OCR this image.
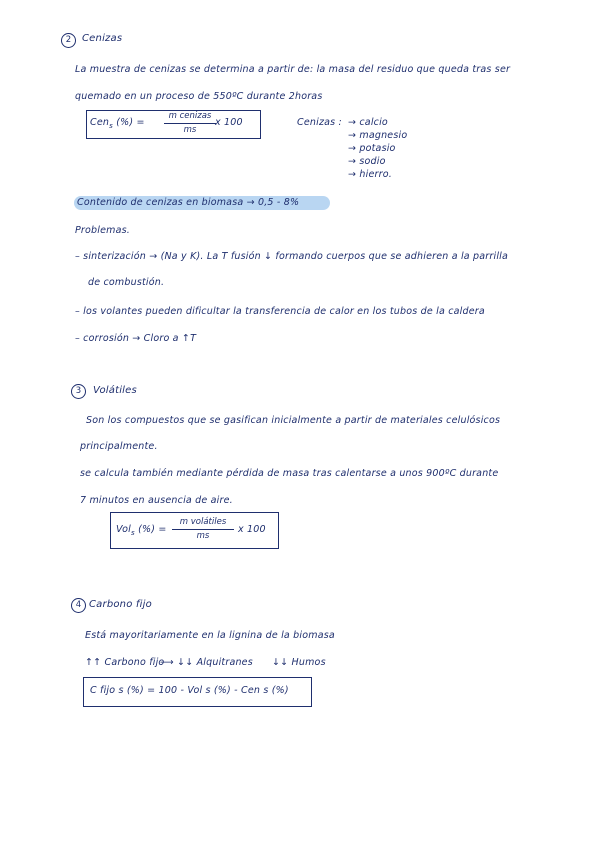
2	Cenizas
La muestra de cenizas se determina a partir de: la masa del residuo que queda tras ser
quemado en un proceso de 550ºC durante 2horas
Cen$_s$ (%) =
m cenizas
ms
x 100	Cenizas : → calcio
→ magnesio
→ potasio
→ sodio
→ hierro.
Contenido de cenizas en biomasa → 0,5 - 8%
Problemas.
– sinterización → (Na y K). La T fusión ↓ formando cuerpos que se adhieren a la parrilla
de combustión.
– los volantes pueden dificultar la transferencia de calor en los tubos de la caldera
– corrosión → Cloro a ↑T
3	Volátiles
Son los compuestos que se gasifican inicialmente a partir de materiales celulósicos
principalmente.
se calcula también mediante pérdida de masa tras calentarse a unos 900ºC durante
7 minutos en ausencia de aire.
Vol$_s$ (%) =
m volátiles
ms
x 100
4 Carbono fijo
Está mayoritariamente en la lignina de la biomasa
↑↑ Carbono fijo
⟶ ↓↓ Alquitranes ↓↓ Humos
C fijo s (%) = 100 - Vol s (%) - Cen s (%)
